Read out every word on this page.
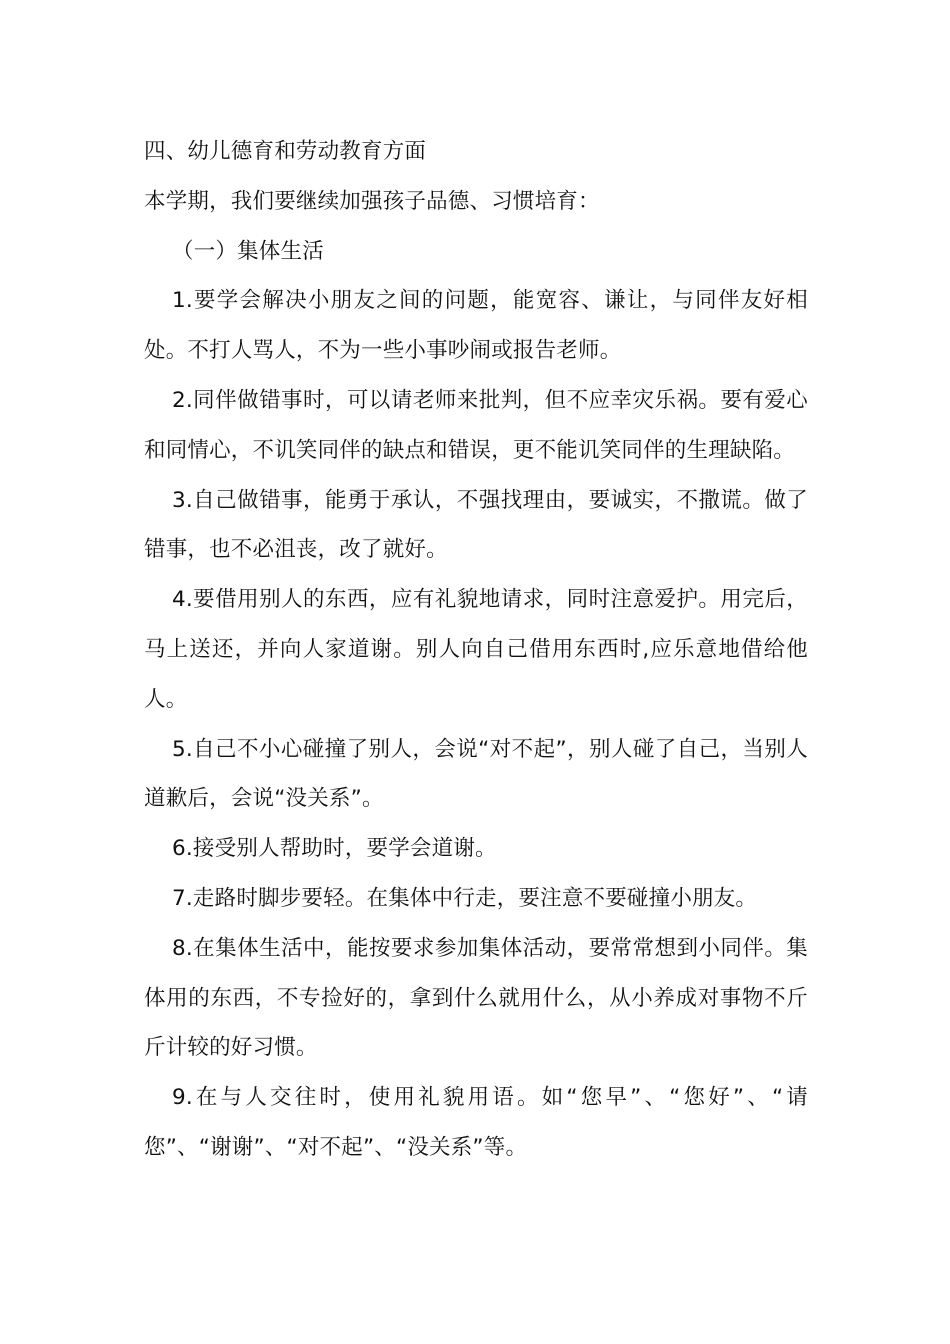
四、幼儿德育和劳动教育方面

本学期，我们要继续加强孩子品德、习惯培育：

（一）集体生活

1.要学会解决小朋友之间的问题，能宽容、谦让，与同伴友好相处。不打人骂人，不为一些小事吵闹或报告老师。

2.同伴做错事时，可以请老师来批判，但不应幸灾乐祸。要有爱心和同情心，不讥笑同伴的缺点和错误，更不能讥笑同伴的生理缺陷。

3.自己做错事，能勇于承认，不强找理由，要诚实，不撒谎。做了错事，也不必沮丧，改了就好。

4.要借用别人的东西，应有礼貌地请求，同时注意爱护。用完后，马上送还，并向人家道谢。别人向自己借用东西时,应乐意地借给他人。

5.自己不小心碰撞了别人，会说“对不起”，别人碰了自己，当别人道歉后，会说“没关系”。

6.接受别人帮助时，要学会道谢。

7.走路时脚步要轻。在集体中行走，要注意不要碰撞小朋友。

8.在集体生活中，能按要求参加集体活动，要常常想到小同伴。集体用的东西，不专捡好的，拿到什么就用什么，从小养成对事物不斤斤计较的好习惯。

9.在与人交往时，使用礼貌用语。如“您早”、“您好”、“请您”、“谢谢”、“对不起”、“没关系”等。
